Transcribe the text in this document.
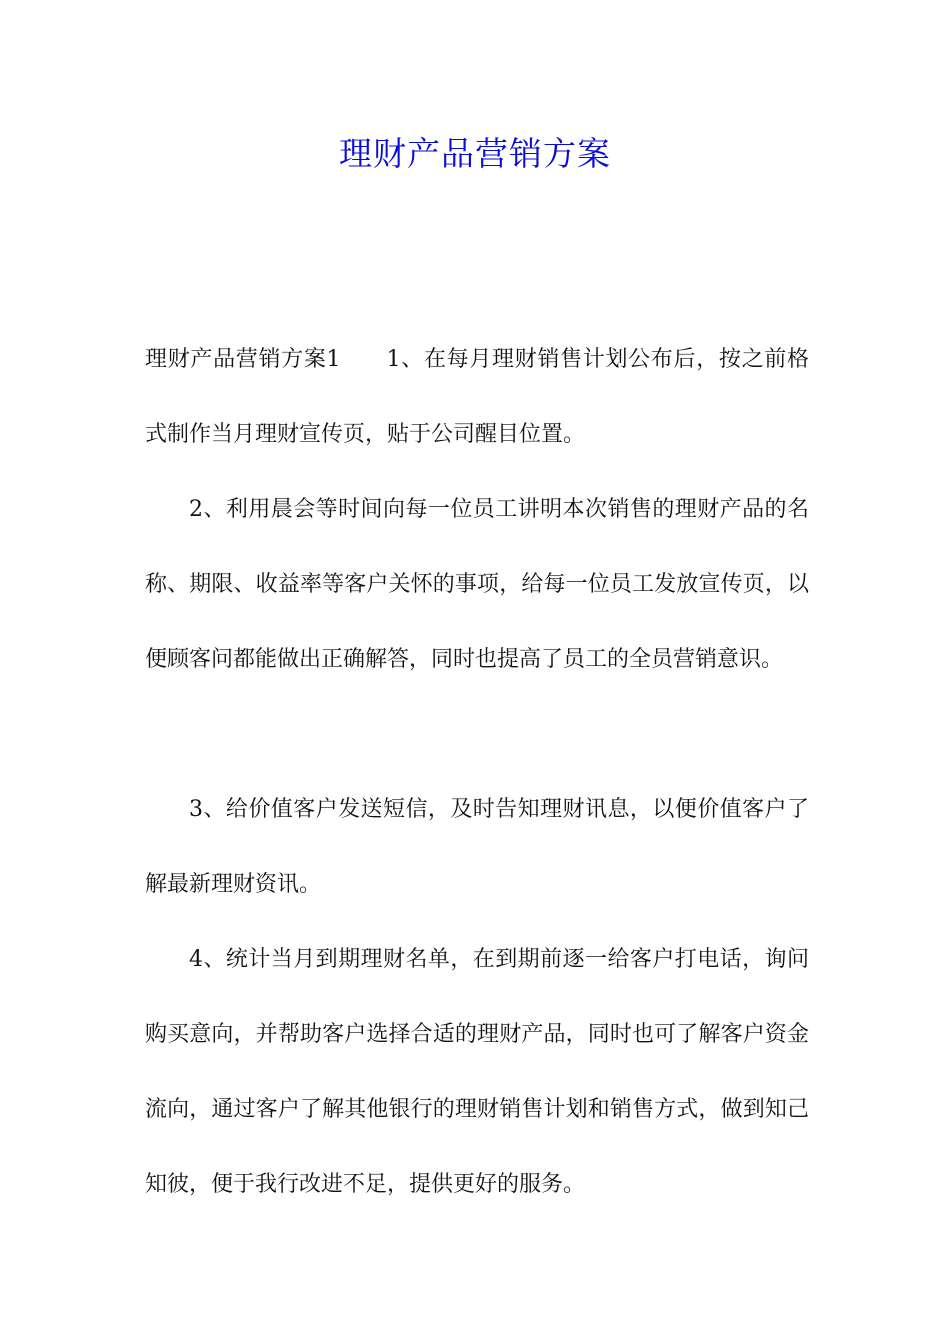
理财产品营销方案

理财产品营销方案1　　1、在每月理财销售计划公布后，按之前格式制作当月理财宣传页，贴于公司醒目位置。

2、利用晨会等时间向每一位员工讲明本次销售的理财产品的名称、期限、收益率等客户关怀的事项，给每一位员工发放宣传页，以便顾客问都能做出正确解答，同时也提高了员工的全员营销意识。

3、给价值客户发送短信，及时告知理财讯息，以便价值客户了解最新理财资讯。

4、统计当月到期理财名单，在到期前逐一给客户打电话，询问购买意向，并帮助客户选择合适的理财产品，同时也可了解客户资金流向，通过客户了解其他银行的理财销售计划和销售方式，做到知己知彼，便于我行改进不足，提供更好的服务。
